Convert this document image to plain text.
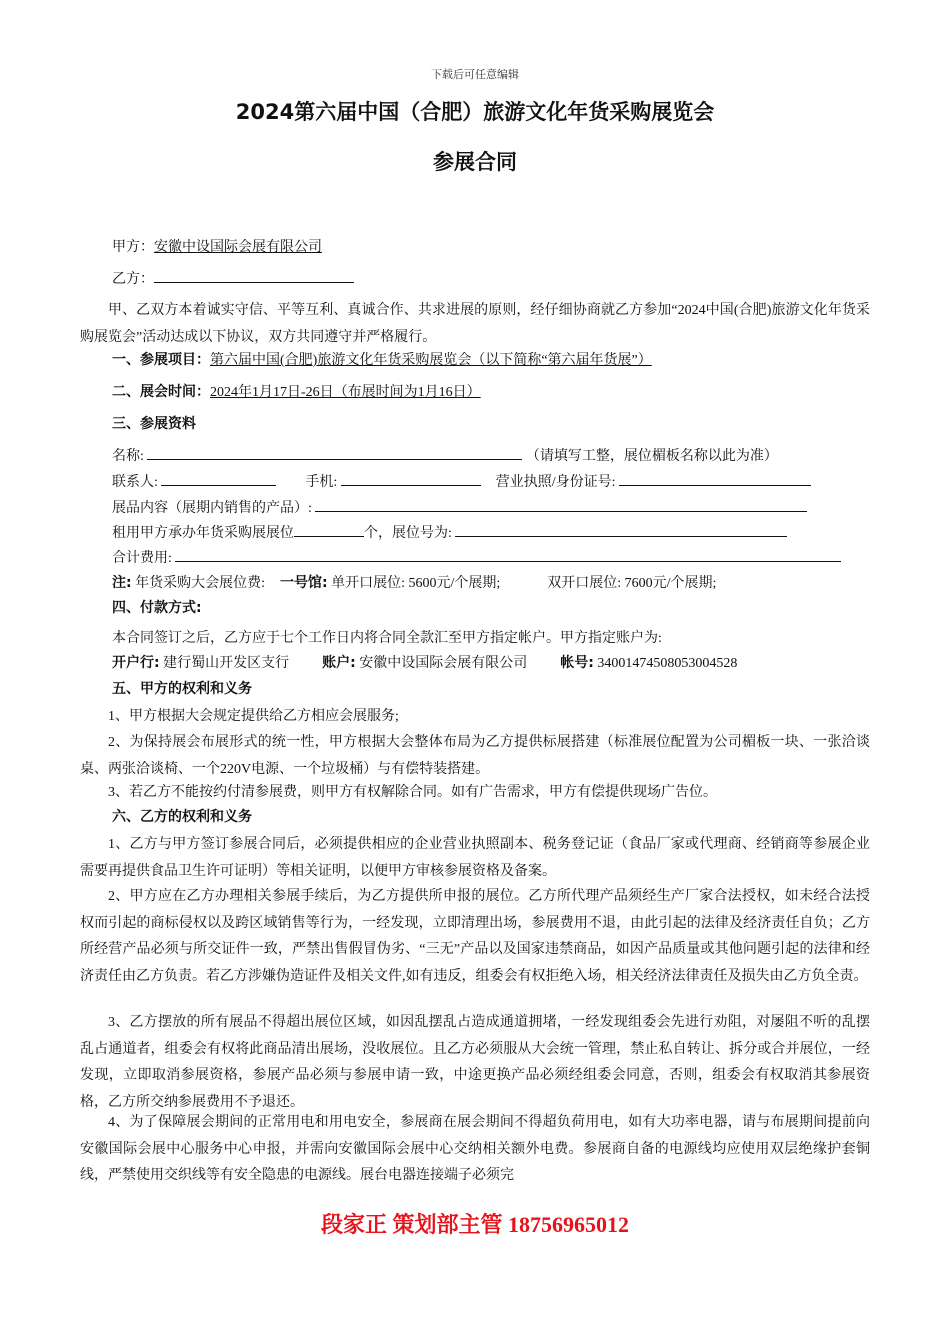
下载后可任意编辑
2024第六届中国（合肥）旅游文化年货采购展览会
参展合同
甲方：安徽中设国际会展有限公司
乙方：
甲、乙双方本着诚实守信、平等互利、真诚合作、共求进展的原则，经仔细协商就乙方参加“2024中国(合肥)旅游文化年货采购展览会”活动达成以下协议，双方共同遵守并严格履行。
一、参展项目：第六届中国(合肥)旅游文化年货采购展览会（以下简称“第六届年货展”）
二、展会时间：2024年1月17日-26日（布展时间为1月16日）
三、参展资料
名称:	（请填写工整，展位楣板名称以此为准）
联系人:	手机:	营业执照/身份证号:
展品内容（展期内销售的产品）:
租用甲方承办年货采购展展位	个，展位号为:
合计费用:
注: 年货采购大会展位费: 一号馆: 单开口展位: 5600元/个展期;	双开口展位: 7600元/个展期;
四、付款方式:
本合同签订之后，乙方应于七个工作日内将合同全款汇至甲方指定帐户。甲方指定账户为:
开户行: 建行蜀山开发区支行 账户: 安徽中设国际会展有限公司 帐号: 34001474508053004528
五、甲方的权利和义务
1、甲方根据大会规定提供给乙方相应会展服务;
2、为保持展会布展形式的统一性，甲方根据大会整体布局为乙方提供标展搭建（标准展位配置为公司楣板一块、一张洽谈桌、两张洽谈椅、一个220V电源、一个垃圾桶）与有偿特装搭建。
3、若乙方不能按约付清参展费，则甲方有权解除合同。如有广告需求，甲方有偿提供现场广告位。
六、乙方的权利和义务
1、乙方与甲方签订参展合同后，必须提供相应的企业营业执照副本、税务登记证（食品厂家或代理商、经销商等参展企业需要再提供食品卫生许可证明）等相关证明，以便甲方审核参展资格及备案。
2、甲方应在乙方办理相关参展手续后，为乙方提供所申报的展位。乙方所代理产品须经生产厂家合法授权，如未经合法授权而引起的商标侵权以及跨区域销售等行为，一经发现，立即清理出场，参展费用不退，由此引起的法律及经济责任自负；乙方所经营产品必须与所交证件一致，严禁出售假冒伪劣、“三无”产品以及国家违禁商品，如因产品质量或其他问题引起的法律和经济责任由乙方负责。若乙方涉嫌伪造证件及相关文件,如有违反，组委会有权拒绝入场，相关经济法律责任及损失由乙方负全责。
3、乙方摆放的所有展品不得超出展位区域，如因乱摆乱占造成通道拥堵，一经发现组委会先进行劝阻，对屡阻不听的乱摆乱占通道者，组委会有权将此商品清出展场，没收展位。且乙方必须服从大会统一管理，禁止私自转让、拆分或合并展位，一经发现，立即取消参展资格，参展产品必须与参展申请一致，中途更换产品必须经组委会同意，否则，组委会有权取消其参展资格，乙方所交纳参展费用不予退还。
4、为了保障展会期间的正常用电和用电安全，参展商在展会期间不得超负荷用电，如有大功率电器，请与布展期间提前向安徽国际会展中心服务中心申报，并需向安徽国际会展中心交纳相关额外电费。参展商自备的电源线均应使用双层绝缘护套铜线，严禁使用交织线等有安全隐患的电源线。展台电器连接端子必须完
段家正 策划部主管 18756965012
